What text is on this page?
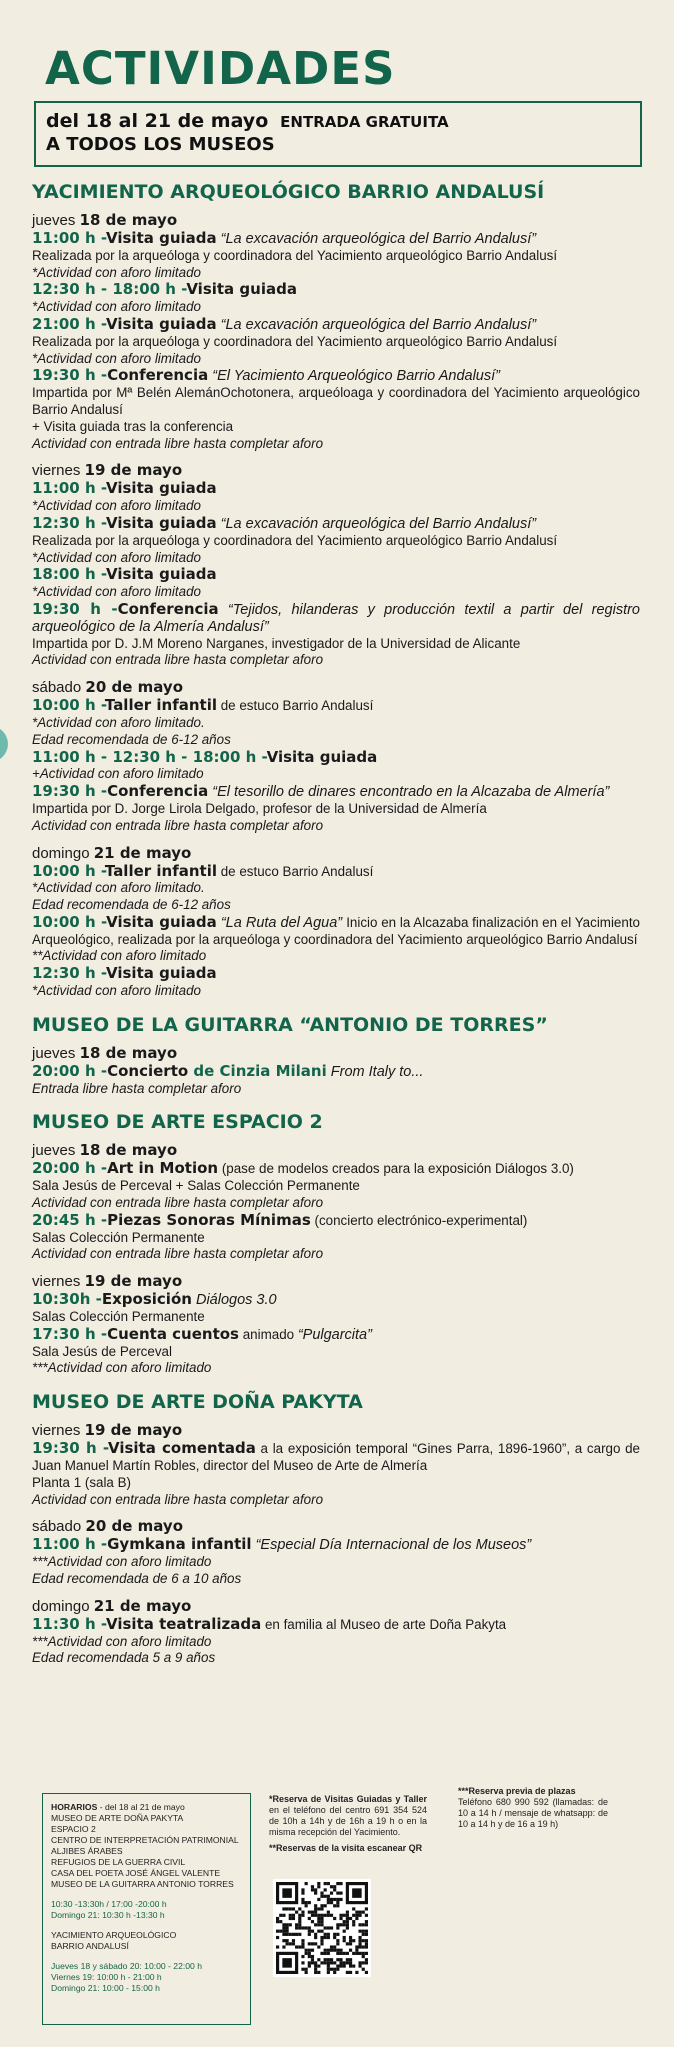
ACTIVIDADES
del 18 al 21 de mayo ENTRADA GRATUITA
A TODOS LOS MUSEOS
YACIMIENTO ARQUEOLÓGICO BARRIO ANDALUSÍ
jueves 18 de mayo

11:00 h -Visita guiada “La excavación arqueológica del Barrio Andalusí”

Realizada por la arqueóloga y coordinadora del Yacimiento arqueológico Barrio Andalusí

*Actividad con aforo limitado

12:30 h - 18:00 h -Visita guiada

*Actividad con aforo limitado

21:00 h -Visita guiada “La excavación arqueológica del Barrio Andalusí”

Realizada por la arqueóloga y coordinadora del Yacimiento arqueológico Barrio Andalusí

*Actividad con aforo limitado

19:30 h -Conferencia “El Yacimiento Arqueológico Barrio Andalusí”

Impartida por Mª Belén AlemánOchotonera, arqueóloaga y coordinadora del Yacimiento arqueológico Barrio Andalusí

+ Visita guiada tras la conferencia

Actividad con entrada libre hasta completar aforo

viernes 19 de mayo

11:00 h -Visita guiada

*Actividad con aforo limitado

12:30 h -Visita guiada “La excavación arqueológica del Barrio Andalusí”

Realizada por la arqueóloga y coordinadora del Yacimiento arqueológico Barrio Andalusí

*Actividad con aforo limitado

18:00 h -Visita guiada

*Actividad con aforo limitado

19:30 h -Conferencia “Tejidos, hilanderas y producción textil a partir del registro arqueológico de la Almería Andalusí”

Impartida por D. J.M Moreno Narganes, investigador de la Universidad de Alicante

Actividad con entrada libre hasta completar aforo

sábado 20 de mayo

10:00 h -Taller infantil de estuco Barrio Andalusí

*Actividad con aforo limitado.

Edad recomendada de 6-12 años

11:00 h - 12:30 h - 18:00 h -Visita guiada

+Actividad con aforo limitado

19:30 h -Conferencia “El tesorillo de dinares encontrado en la Alcazaba de Almería”

Impartida por D. Jorge Lirola Delgado, profesor de la Universidad de Almería

Actividad con entrada libre hasta completar aforo

domingo 21 de mayo

10:00 h -Taller infantil de estuco Barrio Andalusí

*Actividad con aforo limitado.

Edad recomendada de 6-12 años

10:00 h -Visita guiada “La Ruta del Agua” Inicio en la Alcazaba finalización en el Yacimiento Arqueológico, realizada por la arqueóloga y coordinadora del Yacimiento arqueológico Barrio Andalusí

**Actividad con aforo limitado

12:30 h -Visita guiada

*Actividad con aforo limitado

MUSEO DE LA GUITARRA “ANTONIO DE TORRES”
jueves 18 de mayo

20:00 h -Concierto de Cinzia Milani From Italy to...

Entrada libre hasta completar aforo

MUSEO DE ARTE ESPACIO 2
jueves 18 de mayo

20:00 h -Art in Motion (pase de modelos creados para la exposición Diálogos 3.0)

Sala Jesús de Perceval + Salas Colección Permanente

Actividad con entrada libre hasta completar aforo

20:45 h -Piezas Sonoras Mínimas (concierto electrónico-experimental)

Salas Colección Permanente

Actividad con entrada libre hasta completar aforo

viernes 19 de mayo

10:30h -Exposición Diálogos 3.0

Salas Colección Permanente

17:30 h -Cuenta cuentos animado “Pulgarcita”

Sala Jesús de Perceval

***Actividad con aforo limitado

MUSEO DE ARTE DOÑA PAKYTA
viernes 19 de mayo

19:30 h -Visita comentada a la exposición temporal “Gines Parra, 1896-1960”, a cargo de Juan Manuel Martín Robles, director del Museo de Arte de Almería

Planta 1 (sala B)

Actividad con entrada libre hasta completar aforo

sábado 20 de mayo

11:00 h -Gymkana infantil “Especial Día Internacional de los Museos”

***Actividad con aforo limitado

Edad recomendada de 6 a 10 años

domingo 21 de mayo

11:30 h -Visita teatralizada en familia al Museo de arte Doña Pakyta

***Actividad con aforo limitado

Edad recomendada 5 a 9 años

HORARIOS - del 18 al 21 de mayo
MUSEO DE ARTE DOÑA PAKYTA
ESPACIO 2
CENTRO DE INTERPRETACIÓN PATRIMONIAL
ALJIBES ÁRABES
REFUGIOS DE LA GUERRA CIVIL
CASA DEL POETA JOSÉ ÁNGEL VALENTE
MUSEO DE LA GUITARRA ANTONIO TORRES
10:30 -13:30h / 17:00 -20:00 h
Domingo 21: 10:30 h -13:30 h
YACIMIENTO ARQUEOLÓGICO
BARRIO ANDALUSÍ
Jueves 18 y sábado 20: 10:00 - 22:00 h
Viernes 19: 10:00 h - 21:00 h
Domingo 21: 10:00 - 15:00 h
*Reserva de Visitas Guiadas y Taller en el teléfono del centro 691 354 524 de 10h a 14h y de 16h a 19 h o en la misma recepción del Yacimiento.
**Reservas de la visita escanear QR
***Reserva previa de plazas
Teléfono 680 990 592 (llamadas: de 10 a 14 h / mensaje de whatsapp: de 10 a 14 h y de 16 a 19 h)
